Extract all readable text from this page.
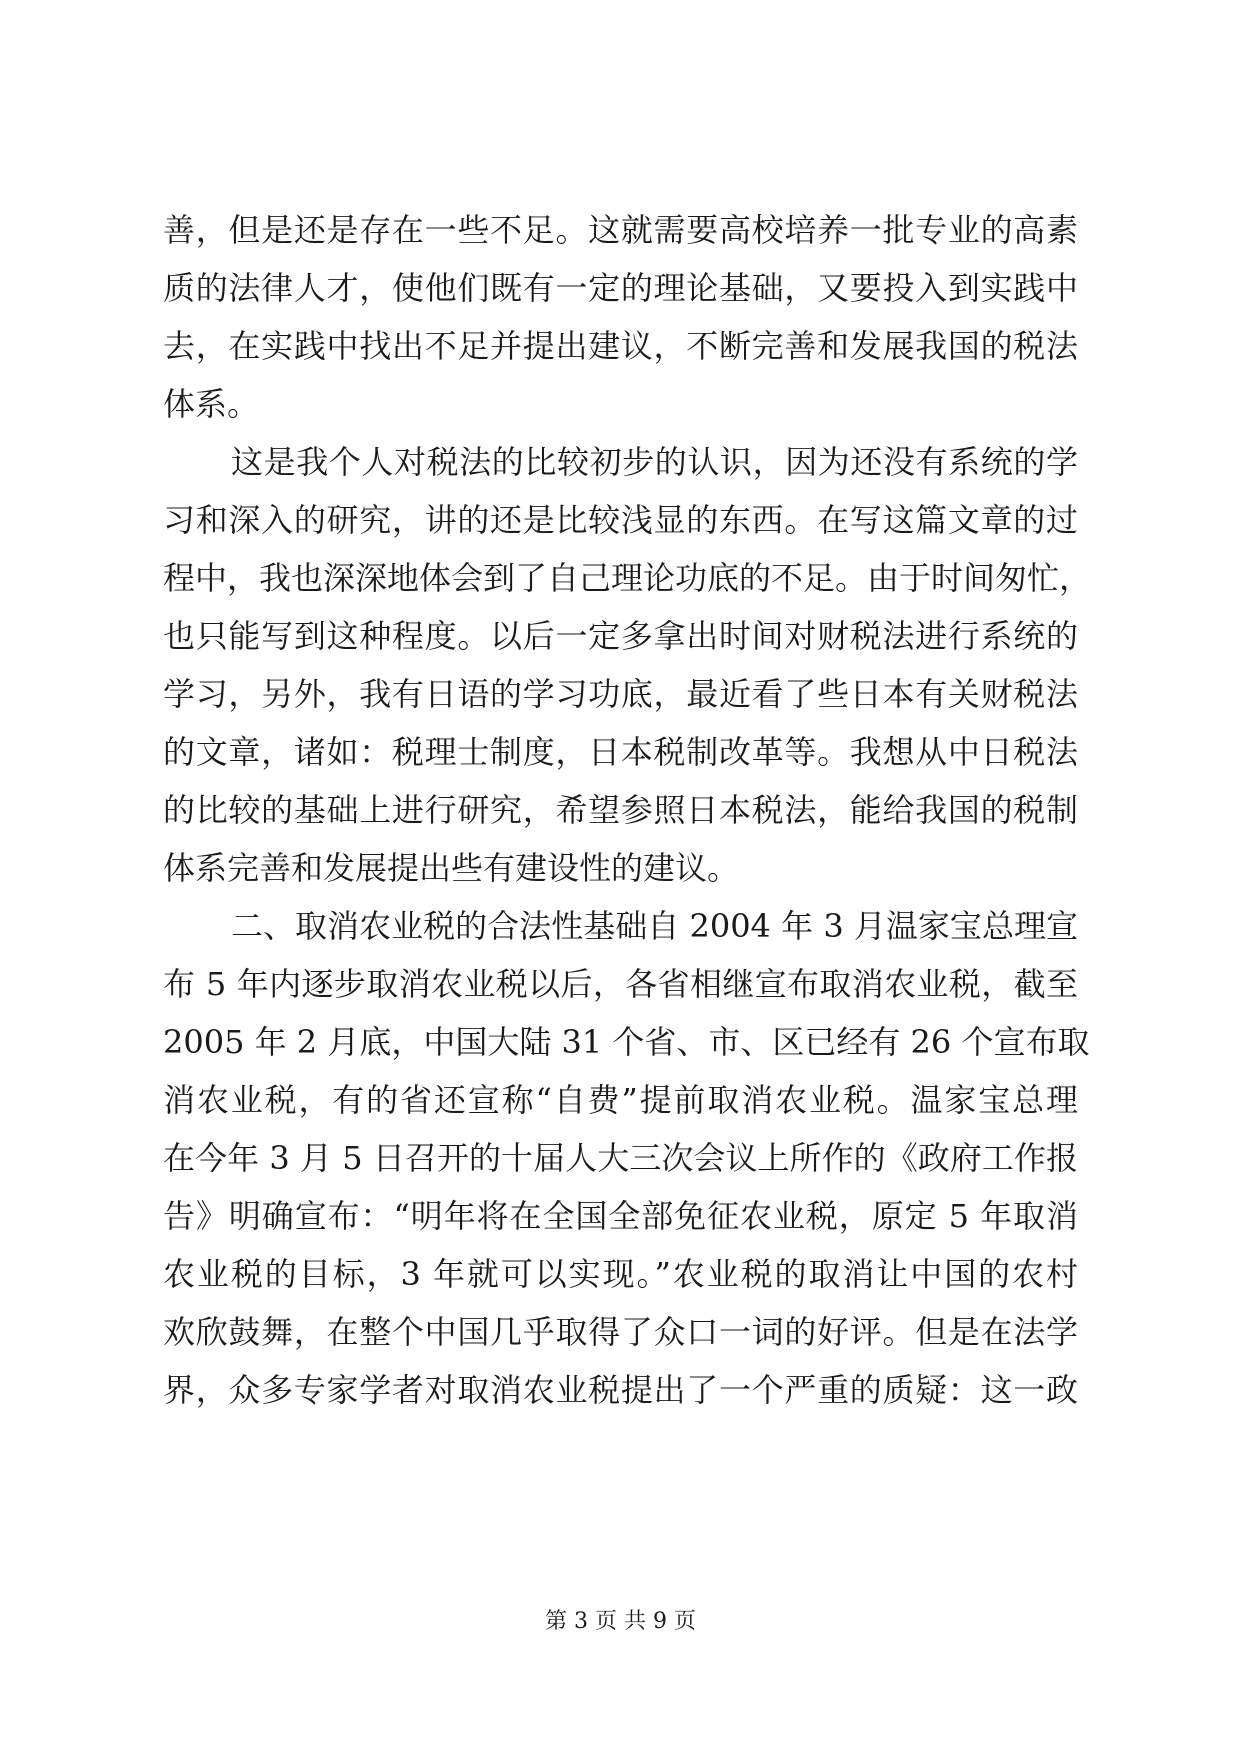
善，但是还是存在一些不足。这就需要高校培养一批专业的高素
质的法律人才，使他们既有一定的理论基础，又要投入到实践中
去，在实践中找出不足并提出建议，不断完善和发展我国的税法
体系。
这是我个人对税法的比较初步的认识，因为还没有系统的学
习和深入的研究，讲的还是比较浅显的东西。在写这篇文章的过
程中，我也深深地体会到了自己理论功底的不足。由于时间匆忙，
也只能写到这种程度。以后一定多拿出时间对财税法进行系统的
学习，另外，我有日语的学习功底，最近看了些日本有关财税法
的文章，诸如：税理士制度，日本税制改革等。我想从中日税法
的比较的基础上进行研究，希望参照日本税法，能给我国的税制
体系完善和发展提出些有建设性的建议。
二、取消农业税的合法性基础自 2004 年 3 月温家宝总理宣
布 5 年内逐步取消农业税以后，各省相继宣布取消农业税，截至
2005 年 2 月底，中国大陆 31 个省、市、区已经有 26 个宣布取
消农业税，有的省还宣称“自费”提前取消农业税。温家宝总理
在今年 3 月 5 日召开的十届人大三次会议上所作的《政府工作报
告》明确宣布：“明年将在全国全部免征农业税，原定 5 年取消
农业税的目标，3 年就可以实现。”农业税的取消让中国的农村
欢欣鼓舞，在整个中国几乎取得了众口一词的好评。但是在法学
界，众多专家学者对取消农业税提出了一个严重的质疑：这一政
第 3 页 共 9 页
